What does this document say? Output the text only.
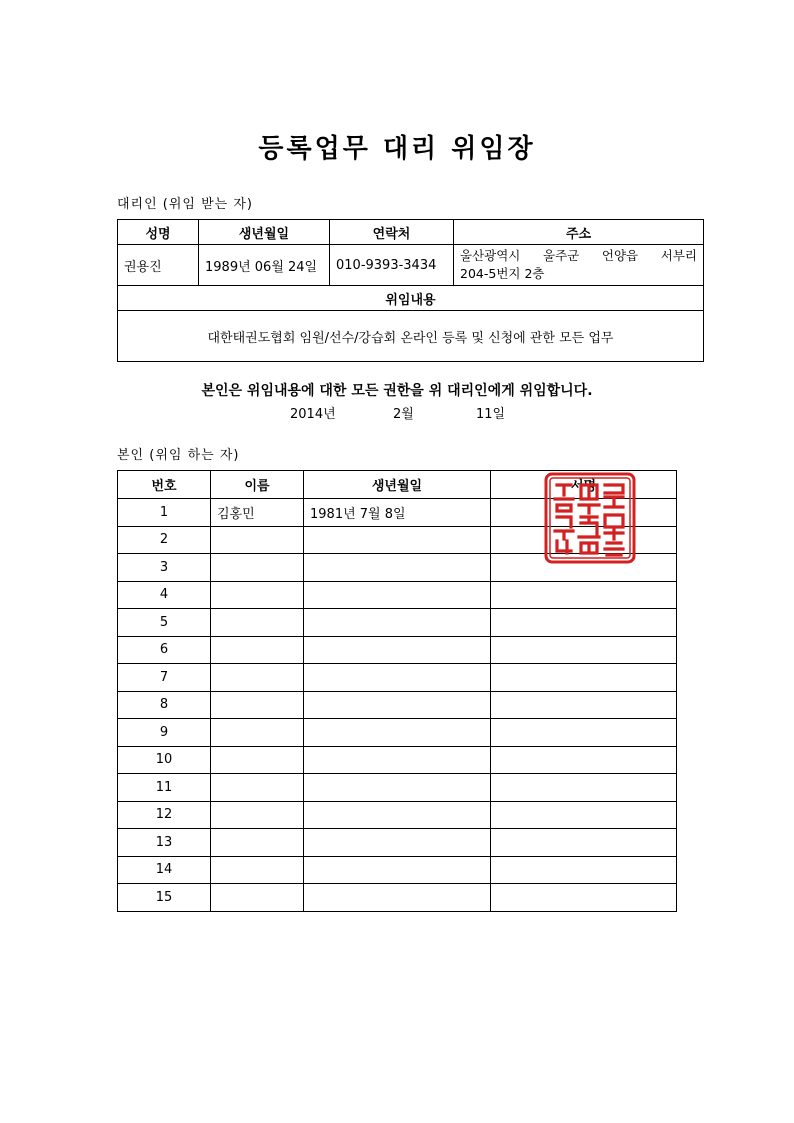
등록업무 대리 위임장
대리인 (위임 받는 자)
성명	생년월일	연락처	주소
권용진	1989년 06월 24일	010-9393-3434	울산광역시 울주군 언양읍 서부리
204-5번지 2층

위임내용			
대한태권도협회 임원/선수/강습회 온라인 등록 및 신청에 관한 모든 업무			
본인은 위임내용에 대한 모든 권한을 위 대리인에게 위임합니다.
2014년	2월	11일
본인 (위임 하는 자)
번호	이름	생년월일	서명
1	김홍민	1981년 7월 8일	
2			
3			
4			
5			
6			
7			
8			
9			
10			
11			
12			
13			
14			
15			
